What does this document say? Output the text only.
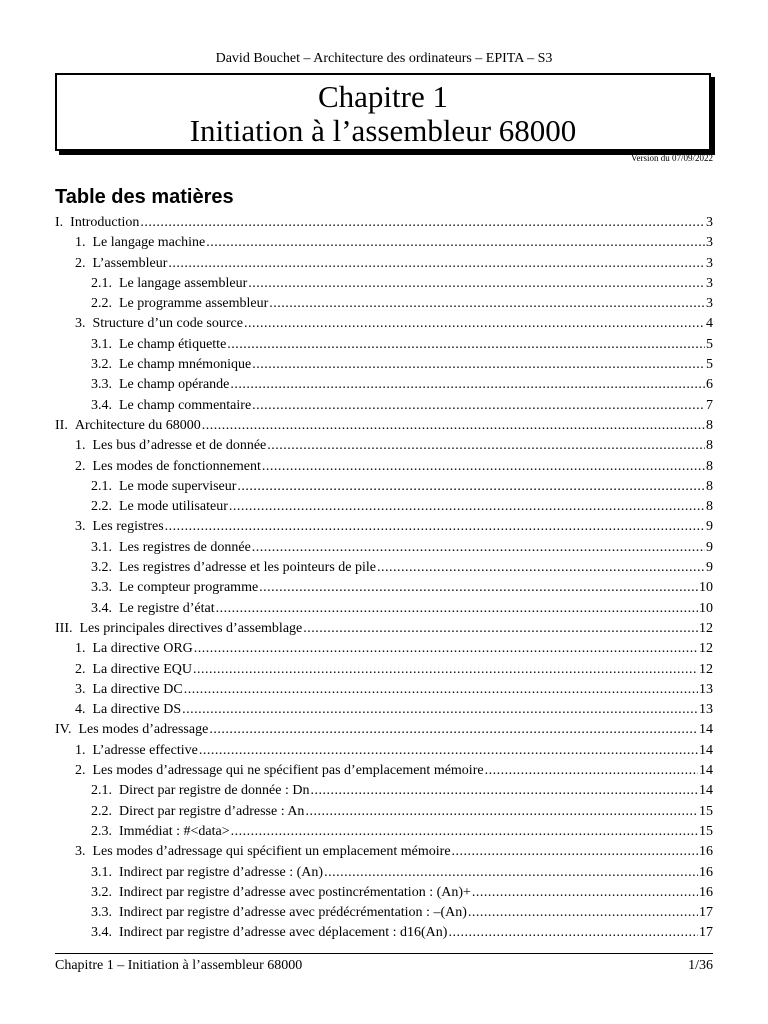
David Bouchet – Architecture des ordinateurs – EPITA – S3
Chapitre 1
Initiation à l’assembleur 68000
Version du 07/09/2022
Table des matières
I. Introduction .....	3
1. Le langage machine .....	3
2. L’assembleur .....	3
2.1. Le langage assembleur .....	3
2.2. Le programme assembleur .....	3
3. Structure d’un code source .....	4
3.1. Le champ étiquette .....	5
3.2. Le champ mnémonique .....	5
3.3. Le champ opérande .....	6
3.4. Le champ commentaire .....	7
II. Architecture du 68000 .....	8
1. Les bus d’adresse et de donnée .....	8
2. Les modes de fonctionnement .....	8
2.1. Le mode superviseur .....	8
2.2. Le mode utilisateur .....	8
3. Les registres .....	9
3.1. Les registres de donnée .....	9
3.2. Les registres d’adresse et les pointeurs de pile .....	9
3.3. Le compteur programme .....	10
3.4. Le registre d’état .....	10
III. Les principales directives d’assemblage .....	12
1. La directive ORG .....	12
2. La directive EQU .....	12
3. La directive DC .....	13
4. La directive DS .....	13
IV. Les modes d’adressage .....	14
1. L’adresse effective .....	14
2. Les modes d’adressage qui ne spécifient pas d’emplacement mémoire .....	14
2.1. Direct par registre de donnée : Dn .....	14
2.2. Direct par registre d’adresse : An .....	15
2.3. Immédiat : #<data> .....	15
3. Les modes d’adressage qui spécifient un emplacement mémoire .....	16
3.1. Indirect par registre d’adresse : (An) .....	16
3.2. Indirect par registre d’adresse avec postincrémentation : (An)+ .....	16
3.3. Indirect par registre d’adresse avec prédécrémentation : –(An) .....	17
3.4. Indirect par registre d’adresse avec déplacement : d16(An) .....	17
Chapitre 1 – Initiation à l’assembleur 68000	1/36
